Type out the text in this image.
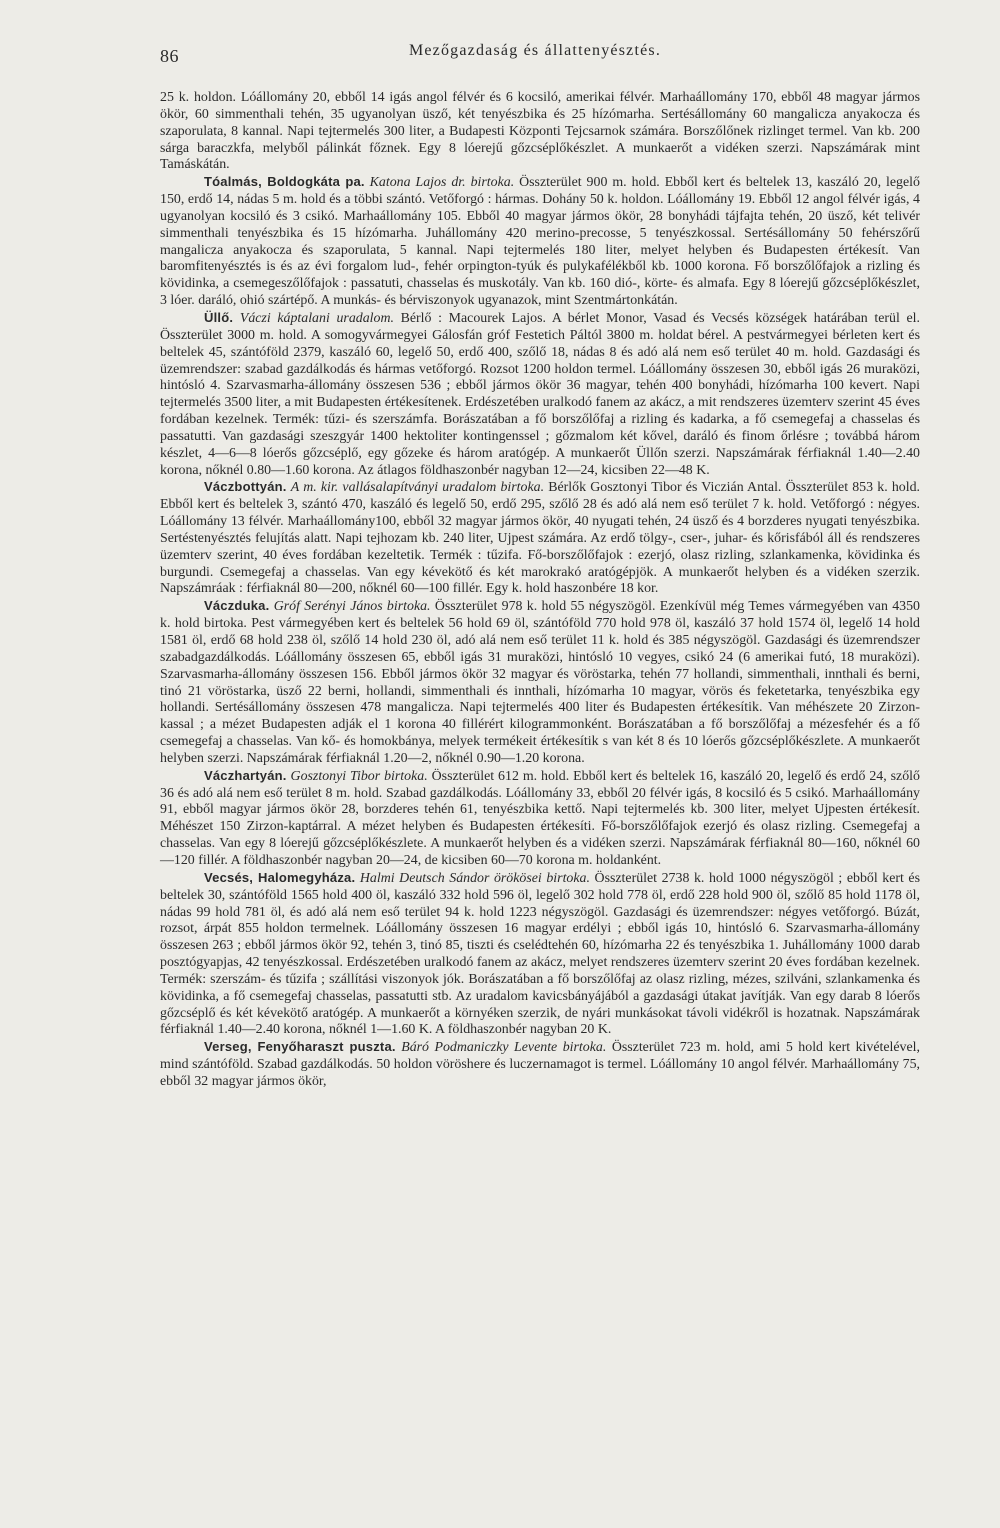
86	Mezőgazdaság és állattenyésztés.

25 k. holdon. Lóállomány 20, ebből 14 igás angol félvér és 6 kocsiló, amerikai félvér. Marhaállomány 170, ebből 48 magyar jármos ökör, 60 simmenthali tehén, 35 ugyanolyan üsző, két tenyészbika és 25 hízómarha. Sertésállomány 60 mangalicza anyakocza és szaporulata, 8 kannal. Napi tejtermelés 300 liter, a Budapesti Központi Tejcsarnok számára. Borszőlőnek rizlinget termel. Van kb. 200 sárga baraczkfa, melyből pálinkát főznek. Egy 8 lóerejű gőzcséplőkészlet. A munkaerőt a vidéken szerzi. Napszámárak mint Tamáskátán.

Tóalmás, Boldogkáta pa. Katona Lajos dr. birtoka. Összterület 900 m. hold. Ebből kert és beltelek 13, kaszáló 20, legelő 150, erdő 14, nádas 5 m. hold és a többi szántó. Vetőforgó : hármas. Dohány 50 k. holdon. Lóállomány 19. Ebből 12 angol félvér igás, 4 ugyanolyan kocsiló és 3 csikó. Marhaállomány 105. Ebből 40 magyar jármos ökör, 28 bonyhádi tájfajta tehén, 20 üsző, két telivér simmenthali tenyészbika és 15 hízómarha. Juhállomány 420 merino-precosse, 5 tenyészkossal. Sertésállomány 50 fehérszőrű mangalicza anyakocza és szaporulata, 5 kannal. Napi tejtermelés 180 liter, melyet helyben és Budapesten értékesít. Van baromfitenyésztés is és az évi forgalom lud-, fehér orpington-tyúk és pulykafélékből kb. 1000 korona. Fő borszőlőfajok a rizling és kövidinka, a csemegeszőlőfajok : passatuti, chasselas és muskotály. Van kb. 160 dió-, körte- és almafa. Egy 8 lóerejű gőzcséplőkészlet, 3 lóer. daráló, ohió szártépő. A munkás- és bérviszonyok ugyanazok, mint Szentmártonkátán.

Üllő. Váczi káptalani uradalom. Bérlő : Macourek Lajos. A bérlet Monor, Vasad és Vecsés községek határában terül el. Összterület 3000 m. hold. A somogyvármegyei Gálosfán gróf Festetich Páltól 3800 m. holdat bérel. A pestvármegyei bérleten kert és beltelek 45, szántóföld 2379, kaszáló 60, legelő 50, erdő 400, szőlő 18, nádas 8 és adó alá nem eső terület 40 m. hold. Gazdasági és üzemrendszer: szabad gazdálkodás és hármas vetőforgó. Rozsot 1200 holdon termel. Lóállomány összesen 30, ebből igás 26 muraközi, hintósló 4. Szarvasmarha-állomány összesen 536 ; ebből jármos ökör 36 magyar, tehén 400 bonyhádi, hízómarha 100 kevert. Napi tejtermelés 3500 liter, a mit Budapesten értékesítenek. Erdészetében uralkodó fanem az akácz, a mit rendszeres üzemterv szerint 45 éves fordában kezelnek. Termék: tűzi- és szerszámfa. Borászatában a fő borszőlőfaj a rizling és kadarka, a fő csemegefaj a chasselas és passatutti. Van gazdasági szeszgyár 1400 hektoliter kontingenssel ; gőzmalom két kővel, daráló és finom őrlésre ; továbbá három készlet, 4—6—8 lóerős gőzcséplő, egy gőzeke és három aratógép. A munkaerőt Üllőn szerzi. Napszámárak férfiaknál 1.40—2.40 korona, nőknél 0.80—1.60 korona. Az átlagos földhaszonbér nagyban 12—24, kicsiben 22—48 K.

Váczbottyán. A m. kir. vallásalapítványi uradalom birtoka. Bérlők Gosztonyi Tibor és Viczián Antal. Összterület 853 k. hold. Ebből kert és beltelek 3, szántó 470, kaszáló és legelő 50, erdő 295, szőlő 28 és adó alá nem eső terület 7 k. hold. Vetőforgó : négyes. Lóállomány 13 félvér. Marhaállomány100, ebből 32 magyar jármos ökör, 40 nyugati tehén, 24 üsző és 4 borzderes nyugati tenyészbika. Sertéstenyésztés felujítás alatt. Napi tejhozam kb. 240 liter, Ujpest számára. Az erdő tölgy-, cser-, juhar- és kőrisfából áll és rendszeres üzemterv szerint, 40 éves fordában kezeltetik. Termék : tűzifa. Fő-borszőlőfajok : ezerjó, olasz rizling, szlankamenka, kövidinka és burgundi. Csemegefaj a chasselas. Van egy kévekötő és két marokrakó aratógépjök. A munkaerőt helyben és a vidéken szerzik. Napszámráak : férfiaknál 80—200, nőknél 60—100 fillér. Egy k. hold haszonbére 18 kor.

Váczduka. Gróf Serényi János birtoka. Összterület 978 k. hold 55 négyszögöl. Ezenkívül még Temes vármegyében van 4350 k. hold birtoka. Pest vármegyében kert és beltelek 56 hold 69 öl, szántóföld 770 hold 978 öl, kaszáló 37 hold 1574 öl, legelő 14 hold 1581 öl, erdő 68 hold 238 öl, szőlő 14 hold 230 öl, adó alá nem eső terület 11 k. hold és 385 négyszögöl. Gazdasági és üzemrendszer szabadgazdálkodás. Lóállomány összesen 65, ebből igás 31 muraközi, hintósló 10 vegyes, csikó 24 (6 amerikai futó, 18 muraközi). Szarvasmarha-állomány összesen 156. Ebből jármos ökör 32 magyar és vöröstarka, tehén 77 hollandi, simmenthali, innthali és berni, tinó 21 vöröstarka, üsző 22 berni, hollandi, simmenthali és innthali, hízómarha 10 magyar, vörös és feketetarka, tenyészbika egy hollandi. Sertésállomány összesen 478 mangalicza. Napi tejtermelés 400 liter és Budapesten értékesítik. Van méhészete 20 Zirzon-kassal ; a mézet Budapesten adják el 1 korona 40 fillérért kilogrammonként. Borászatában a fő borszőlőfaj a mézesfehér és a fő csemegefaj a chasselas. Van kő- és homokbánya, melyek termékeit értékesítik s van két 8 és 10 lóerős gőzcséplőkészlete. A munkaerőt helyben szerzi. Napszámárak férfiaknál 1.20—2, nőknél 0.90—1.20 korona.

Váczhartyán. Gosztonyi Tibor birtoka. Összterület 612 m. hold. Ebből kert és beltelek 16, kaszáló 20, legelő és erdő 24, szőlő 36 és adó alá nem eső terület 8 m. hold. Szabad gazdálkodás. Lóállomány 33, ebből 20 félvér igás, 8 kocsiló és 5 csikó. Marhaállomány 91, ebből magyar jármos ökör 28, borzderes tehén 61, tenyészbika kettő. Napi tejtermelés kb. 300 liter, melyet Ujpesten értékesít. Méhészet 150 Zirzon-kaptárral. A mézet helyben és Budapesten értékesíti. Fő-borszőlőfajok ezerjó és olasz rizling. Csemegefaj a chasselas. Van egy 8 lóerejű gőzcséplőkészlete. A munkaerőt helyben és a vidéken szerzi. Napszámárak férfiaknál 80—160, nőknél 60—120 fillér. A földhaszonbér nagyban 20—24, de kicsiben 60—70 korona m. holdanként.

Vecsés, Halomegyháza. Halmi Deutsch Sándor örökösei birtoka. Összterület 2738 k. hold 1000 négyszögöl ; ebből kert és beltelek 30, szántóföld 1565 hold 400 öl, kaszáló 332 hold 596 öl, legelő 302 hold 778 öl, erdő 228 hold 900 öl, szőlő 85 hold 1178 öl, nádas 99 hold 781 öl, és adó alá nem eső terület 94 k. hold 1223 négyszögöl. Gazdasági és üzemrendszer: négyes vetőforgó. Búzát, rozsot, árpát 855 holdon termelnek. Lóállomány összesen 16 magyar erdélyi ; ebből igás 10, hintósló 6. Szarvasmarha-állomány összesen 263 ; ebből jármos ökör 92, tehén 3, tinó 85, tiszti és cselédtehén 60, hízómarha 22 és tenyészbika 1. Juhállomány 1000 darab posztógyapjas, 42 tenyészkossal. Erdészetében uralkodó fanem az akácz, melyet rendszeres üzemterv szerint 20 éves fordában kezelnek. Termék: szerszám- és tűzifa ; szállítási viszonyok jók. Borászatában a fő borszőlőfaj az olasz rizling, mézes, szilváni, szlankamenka és kövidinka, a fő csemegefaj chasselas, passatutti stb. Az uradalom kavicsbányájából a gazdasági útakat javítják. Van egy darab 8 lóerős gőzcséplő és két kévekötő aratógép. A munkaerőt a környéken szerzik, de nyári munkásokat távoli vidékről is hozatnak. Napszámárak férfiaknál 1.40—2.40 korona, nőknél 1—1.60 K. A földhaszonbér nagyban 20 K.

Verseg, Fenyőharaszt puszta. Báró Podmaniczky Levente birtoka. Összterület 723 m. hold, ami 5 hold kert kivételével, mind szántóföld. Szabad gazdálkodás. 50 holdon vöröshere és luczernamagot is termel. Lóállomány 10 angol félvér. Marhaállomány 75, ebből 32 magyar jármos ökör,
